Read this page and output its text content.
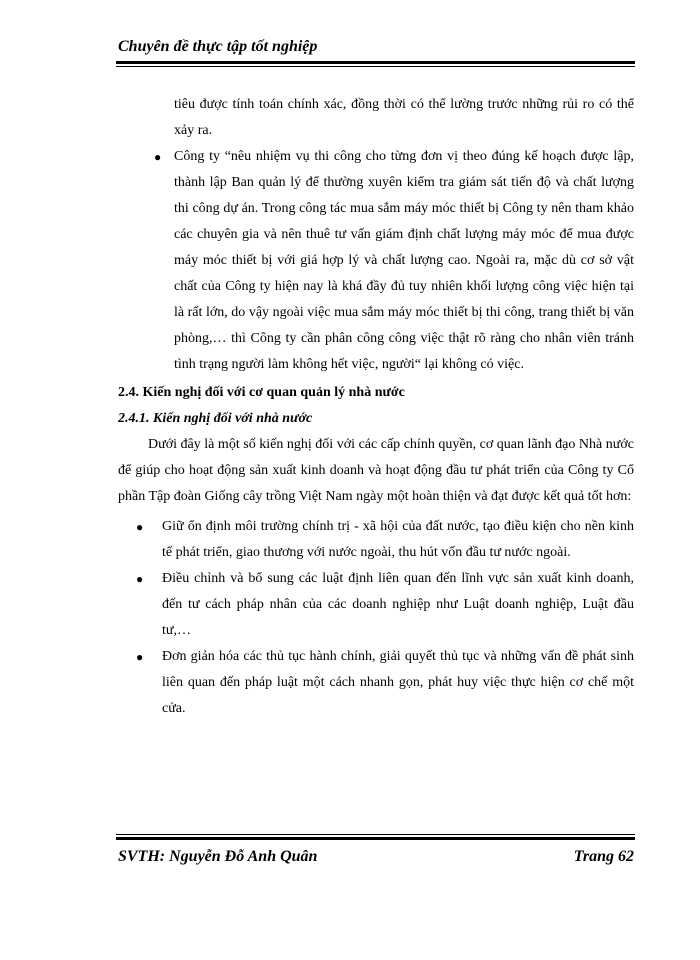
Chuyên đề thực tập tốt nghiệp
tiêu được tính toán chính xác, đồng thời có thể lường trước những rủi ro có thể xảy ra.
● Công ty “nêu nhiệm vụ thi công cho từng đơn vị theo đúng kế hoạch được lập, thành lập Ban quản lý để thường xuyên kiểm tra giám sát tiến độ và chất lượng thi công dự án. Trong công tác mua sắm máy móc thiết bị Công ty nên tham khảo các chuyên gia và nên thuê tư vấn giám định chất lượng máy móc để mua được máy móc thiết bị với giá hợp lý và chất lượng cao. Ngoài ra, mặc dù cơ sở vật chất của Công ty hiện nay là khá đầy đủ tuy nhiên khối lượng công việc hiện tại là rất lớn, do vậy ngoài việc mua sắm máy móc thiết bị thi công, trang thiết bị văn phòng,… thì Công ty cần phân công công việc thật rõ ràng cho nhân viên tránh tình trạng người làm không hết việc, người“ lại không có việc.
2.4. Kiến nghị đối với cơ quan quản lý nhà nước
2.4.1. Kiến nghị đối với nhà nước
Dưới đây là một số kiến nghị đối với các cấp chính quyền, cơ quan lãnh đạo Nhà nước để giúp cho hoạt động sản xuất kinh doanh và hoạt động đầu tư phát triển của Công ty Cổ phần Tập đoàn Giống cây trồng Việt Nam ngày một hoàn thiện và đạt được kết quả tốt hơn:
● Giữ ổn định môi trường chính trị - xã hội của đất nước, tạo điều kiện cho nền kinh tế phát triển, giao thương với nước ngoài, thu hút vốn đầu tư nước ngoài.
● Điều chỉnh và bổ sung các luật định liên quan đến lĩnh vực sản xuất kinh doanh, đến tư cách pháp nhân của các doanh nghiệp như Luật doanh nghiệp, Luật đầu tư,…
● Đơn giản hóa các thủ tục hành chính, giải quyết thủ tục và những vấn đề phát sinh liên quan đến pháp luật một cách nhanh gọn, phát huy việc thực hiện cơ chế một cửa.
SVTH: Nguyễn Đỗ Anh Quân	Trang 62
